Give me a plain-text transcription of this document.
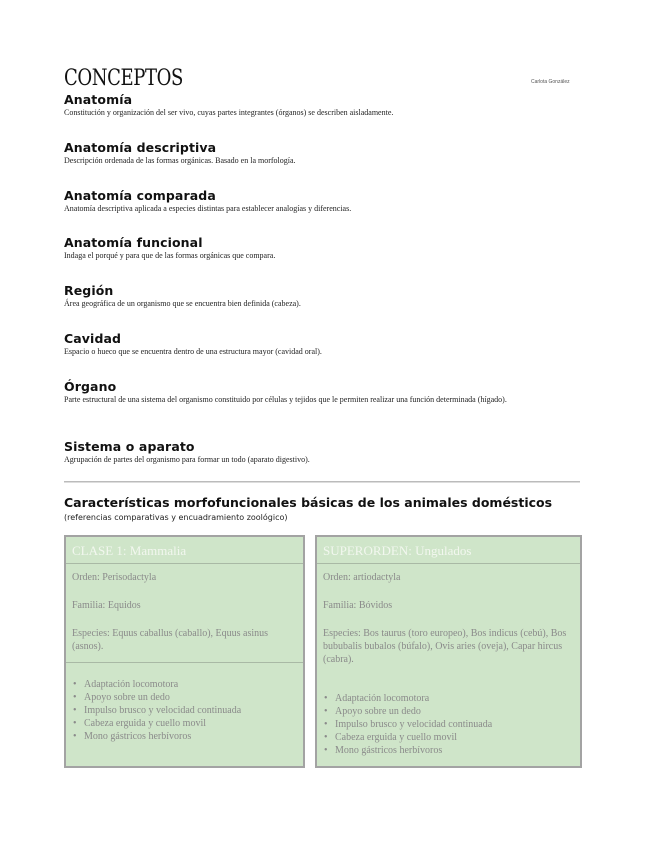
CONCEPTOS	Carlota González
Anatomía

Constitución y organización del ser vivo, cuyas partes integrantes (órganos) se describen aisladamente.

Anatomía descriptiva

Descripción ordenada de las formas orgánicas. Basado en la morfología.

Anatomía comparada

Anatomía descriptiva aplicada a especies distintas para establecer analogías y diferencias.

Anatomía funcional

Indaga el porqué y para que de las formas orgánicas que compara.

Región

Área geográfica de un organismo que se encuentra bien definida (cabeza).

Cavidad

Espacio o hueco que se encuentra dentro de una estructura mayor (cavidad oral).

Órgano

Parte estructural de una sistema del organismo constituido por células y tejidos que le permiten realizar una función determinada (hígado).

Sistema o aparato

Agrupación de partes del organismo para formar un todo (aparato digestivo).

Características morfofuncionales básicas de los animales domésticos
(referencias comparativas y encuadramiento zoológico)
CLASE 1: Mammalia
Orden: Perisodactyla
Familia: Equidos
Especies: Equus caballus (caballo), Equus asinus (asnos).
• Adaptación locomotora
• Apoyo sobre un dedo
• Impulso brusco y velocidad continuada
• Cabeza erguida y cuello movil
• Mono gástricos herbívoros
SUPERORDEN: Ungulados
Orden: artiodactyla
Familia: Bóvidos
Especies: Bos taurus (toro europeo), Bos indicus (cebú), Bos bububalis bubalos (búfalo), Ovis aries (oveja), Capar hircus (cabra).
• Adaptación locomotora
• Apoyo sobre un dedo
• Impulso brusco y velocidad continuada
• Cabeza erguida y cuello movil
• Mono gástricos herbívoros
